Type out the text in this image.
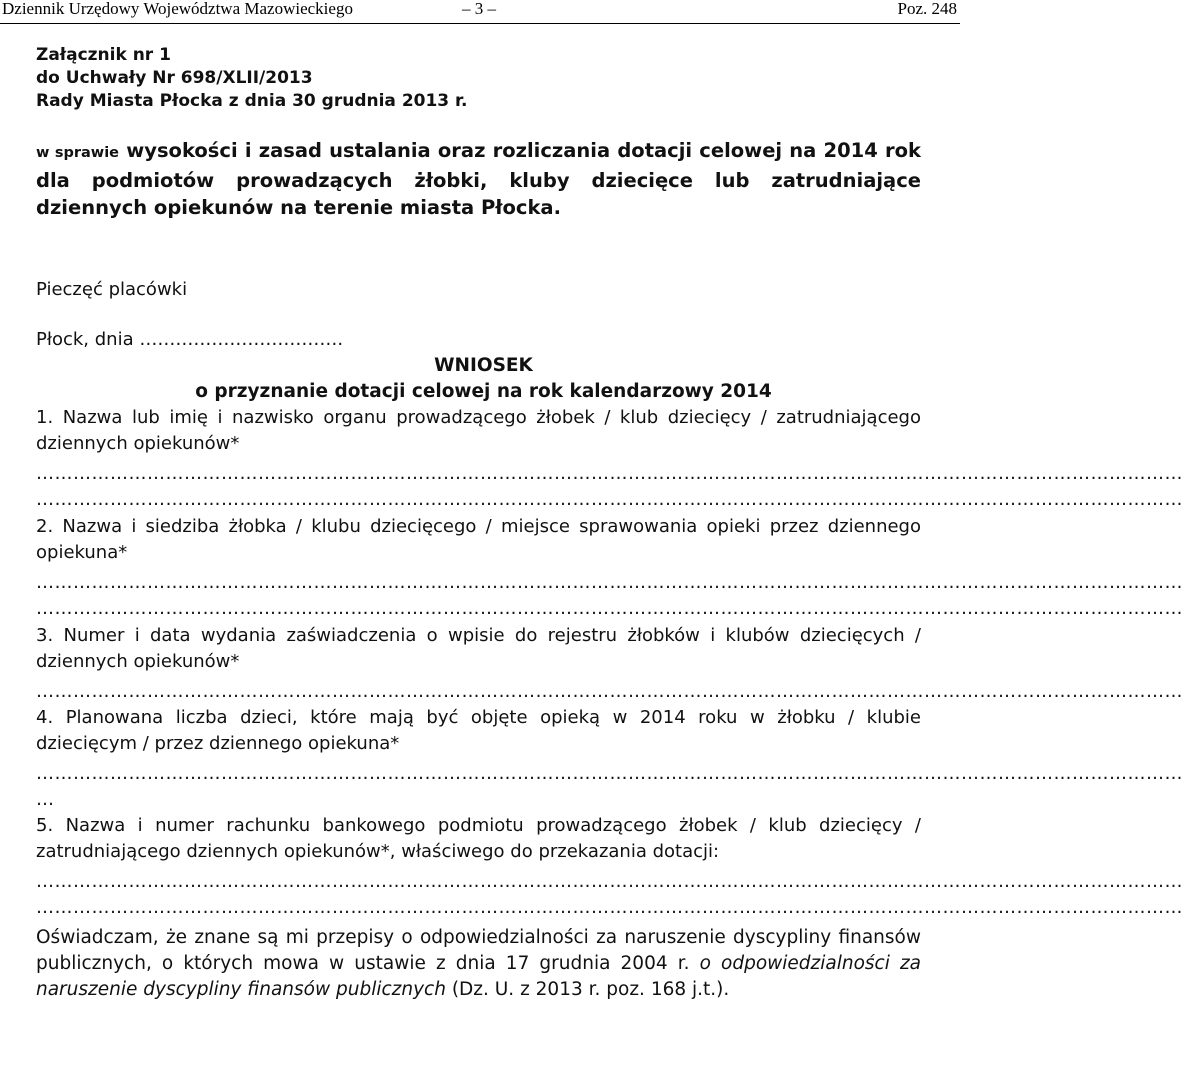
Dziennik Urzędowy Województwa Mazowieckiego	– 3 –	Poz. 248
Załącznik nr 1
do Uchwały Nr 698/XLII/2013
Rady Miasta Płocka z dnia 30 grudnia 2013 r.
w sprawie wysokości i zasad ustalania oraz rozliczania dotacji celowej na 2014 rok dla podmiotów prowadzących żłobki, kluby dziecięce lub zatrudniające dziennych opiekunów na terenie miasta Płocka.
Pieczęć placówki
Płock, dnia …………………………….
WNIOSEK
o przyznanie dotacji celowej na rok kalendarzowy 2014
1. Nazwa lub imię i nazwisko organu prowadzącego żłobek / klub dziecięcy / zatrudniającego dziennych opiekunów*
……………………………………………………………………………………………………………………………………………………………………
……………………………………………………………………………………………………………………………………………………………………
2. Nazwa i siedziba żłobka / klubu dziecięcego / miejsce sprawowania opieki przez dziennego opiekuna*
……………………………………………………………………………………………………………………………………………………………………
……………………………………………………………………………………………………………………………………………………………………
3. Numer i data wydania zaświadczenia o wpisie do rejestru żłobków i klubów dziecięcych / dziennych opiekunów*
……………………………………………………………………………………………………………………………………………………………………
4. Planowana liczba dzieci, które mają być objęte opieką w 2014 roku w żłobku / klubie dziecięcym / przez dziennego opiekuna*
……………………………………………………………………………………………………………………………………………………………………
…
5. Nazwa i numer rachunku bankowego podmiotu prowadzącego żłobek / klub dziecięcy / zatrudniającego dziennych opiekunów*, właściwego do przekazania dotacji:
……………………………………………………………………………………………………………………………………………………………………
……………………………………………………………………………………………………………………………………………………………………
Oświadczam, że znane są mi przepisy o odpowiedzialności za naruszenie dyscypliny finansów publicznych, o których mowa w ustawie z dnia 17 grudnia 2004 r. o odpowiedzialności za naruszenie dyscypliny finansów publicznych (Dz. U. z 2013 r. poz. 168 j.t.).
